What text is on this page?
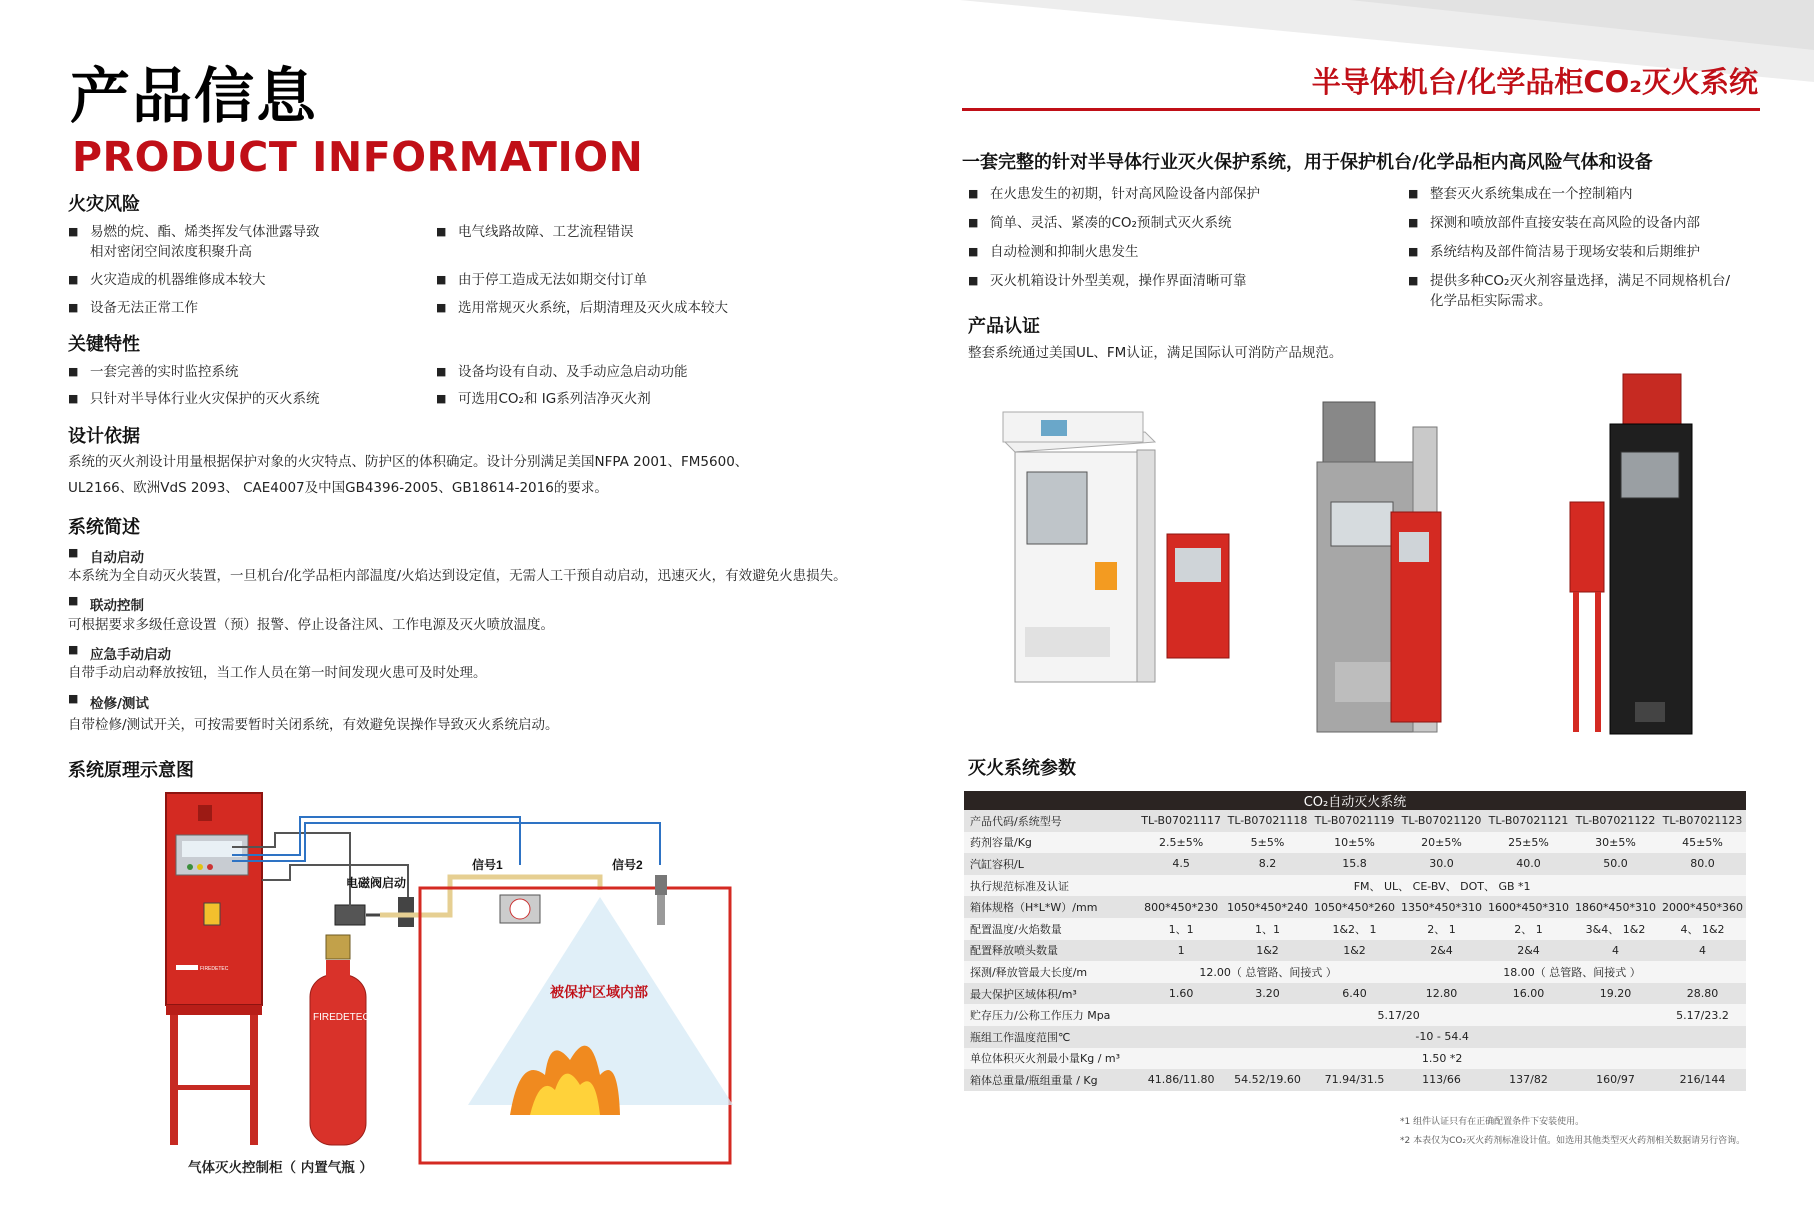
产品信息
PRODUCT INFORMATION
火灾风险
■ 易燃的烷、酯、烯类挥发气体泄露导致
相对密闭空间浓度积聚升高
■ 火灾造成的机器维修成本较大
■ 设备无法正常工作
■ 电气线路故障、工艺流程错误
■ 由于停工造成无法如期交付订单
■ 选用常规灭火系统，后期清理及灭火成本较大
关键特性
■ 一套完善的实时监控系统
■ 只针对半导体行业火灾保护的灭火系统
■ 设备均设有自动、及手动应急启动功能
■ 可选用CO₂和 IG系列洁净灭火剂
设计依据
系统的灭火剂设计用量根据保护对象的火灾特点、防护区的体积确定。设计分别满足美国NFPA 2001、FM5600、
UL2166、欧洲VdS 2093、 CAE4007及中国GB4396-2005、GB18614-2016的要求。
系统简述
■ 自动启动
本系统为全自动灭火装置，一旦机台/化学品柜内部温度/火焰达到设定值，无需人工干预自动启动，迅速灭火，有效避免火患损失。
■ 联动控制
可根据要求多级任意设置（预）报警、停止设备注风、工作电源及灭火喷放温度。
■ 应急手动启动
自带手动启动释放按钮，当工作人员在第一时间发现火患可及时处理。
■ 检修/测试
自带检修/测试开关，可按需要暂时关闭系统，有效避免误操作导致灭火系统启动。
系统原理示意图
FIREDETEC
FIREDETEC
电磁阀启动
信号1	信号2
被保护区域内部
气体灭火控制柜（ 内置气瓶 ）
半导体机台/化学品柜CO₂灭火系统
一套完整的针对半导体行业灭火保护系统，用于保护机台/化学品柜内高风险气体和设备
■ 在火患发生的初期，针对高风险设备内部保护
■ 简单、灵活、紧凑的CO₂预制式灭火系统
■ 自动检测和抑制火患发生
■ 灭火机箱设计外型美观，操作界面清晰可靠
■ 整套灭火系统集成在一个控制箱内
■ 探测和喷放部件直接安装在高风险的设备内部
■ 系统结构及部件简洁易于现场安装和后期维护
■ 提供多种CO₂灭火剂容量选择，满足不同规格机台/
化学品柜实际需求。
产品认证
整套系统通过美国UL、FM认证，满足国际认可消防产品规范。
灭火系统参数
CO₂自动灭火系统							
产品代码/系统型号	TL-B07021117	TL-B07021118	TL-B07021119	TL-B07021120	TL-B07021121	TL-B07021122	TL-B07021123
药剂容量/Kg	2.5±5%	5±5%	10±5%	20±5%	25±5%	30±5%	45±5%
汽缸容积/L	4.5	8.2	15.8	30.0	40.0	50.0	80.0
执行规范标准及认证	FM、 UL、 CE-BV、 DOT、 GB *1						
箱体规格（H*L*W）/mm	800*450*230	1050*450*240	1050*450*260	1350*450*310	1600*450*310	1860*450*310	2000*450*360
配置温度/火焰数量	1、1	1、1	1&2、 1	2、 1	2、 1	3&4、 1&2	4、 1&2
配置释放喷头数量	1	1&2	1&2	2&4	2&4	4	4
探测/释放管最大长度/m	12.00（ 总管路、间接式 ）			18.00（ 总管路、间接式 ）			
最大保护区域体积/m³	1.60	3.20	6.40	12.80	16.00	19.20	28.80
贮存压力/公称工作压力 Mpa	5.17/20						5.17/23.2
瓶组工作温度范围℃	-10 - 54.4						
单位体积灭火剂最小量Kg / m³	1.50 *2						
箱体总重量/瓶组重量 / Kg	41.86/11.80	54.52/19.60	71.94/31.5	113/66	137/82	160/97	216/144
*1 组件认证只有在正确配置条件下安装使用。
*2 本表仅为CO₂灭火药剂标准设计值。如选用其他类型灭火药剂相关数据请另行咨询。
